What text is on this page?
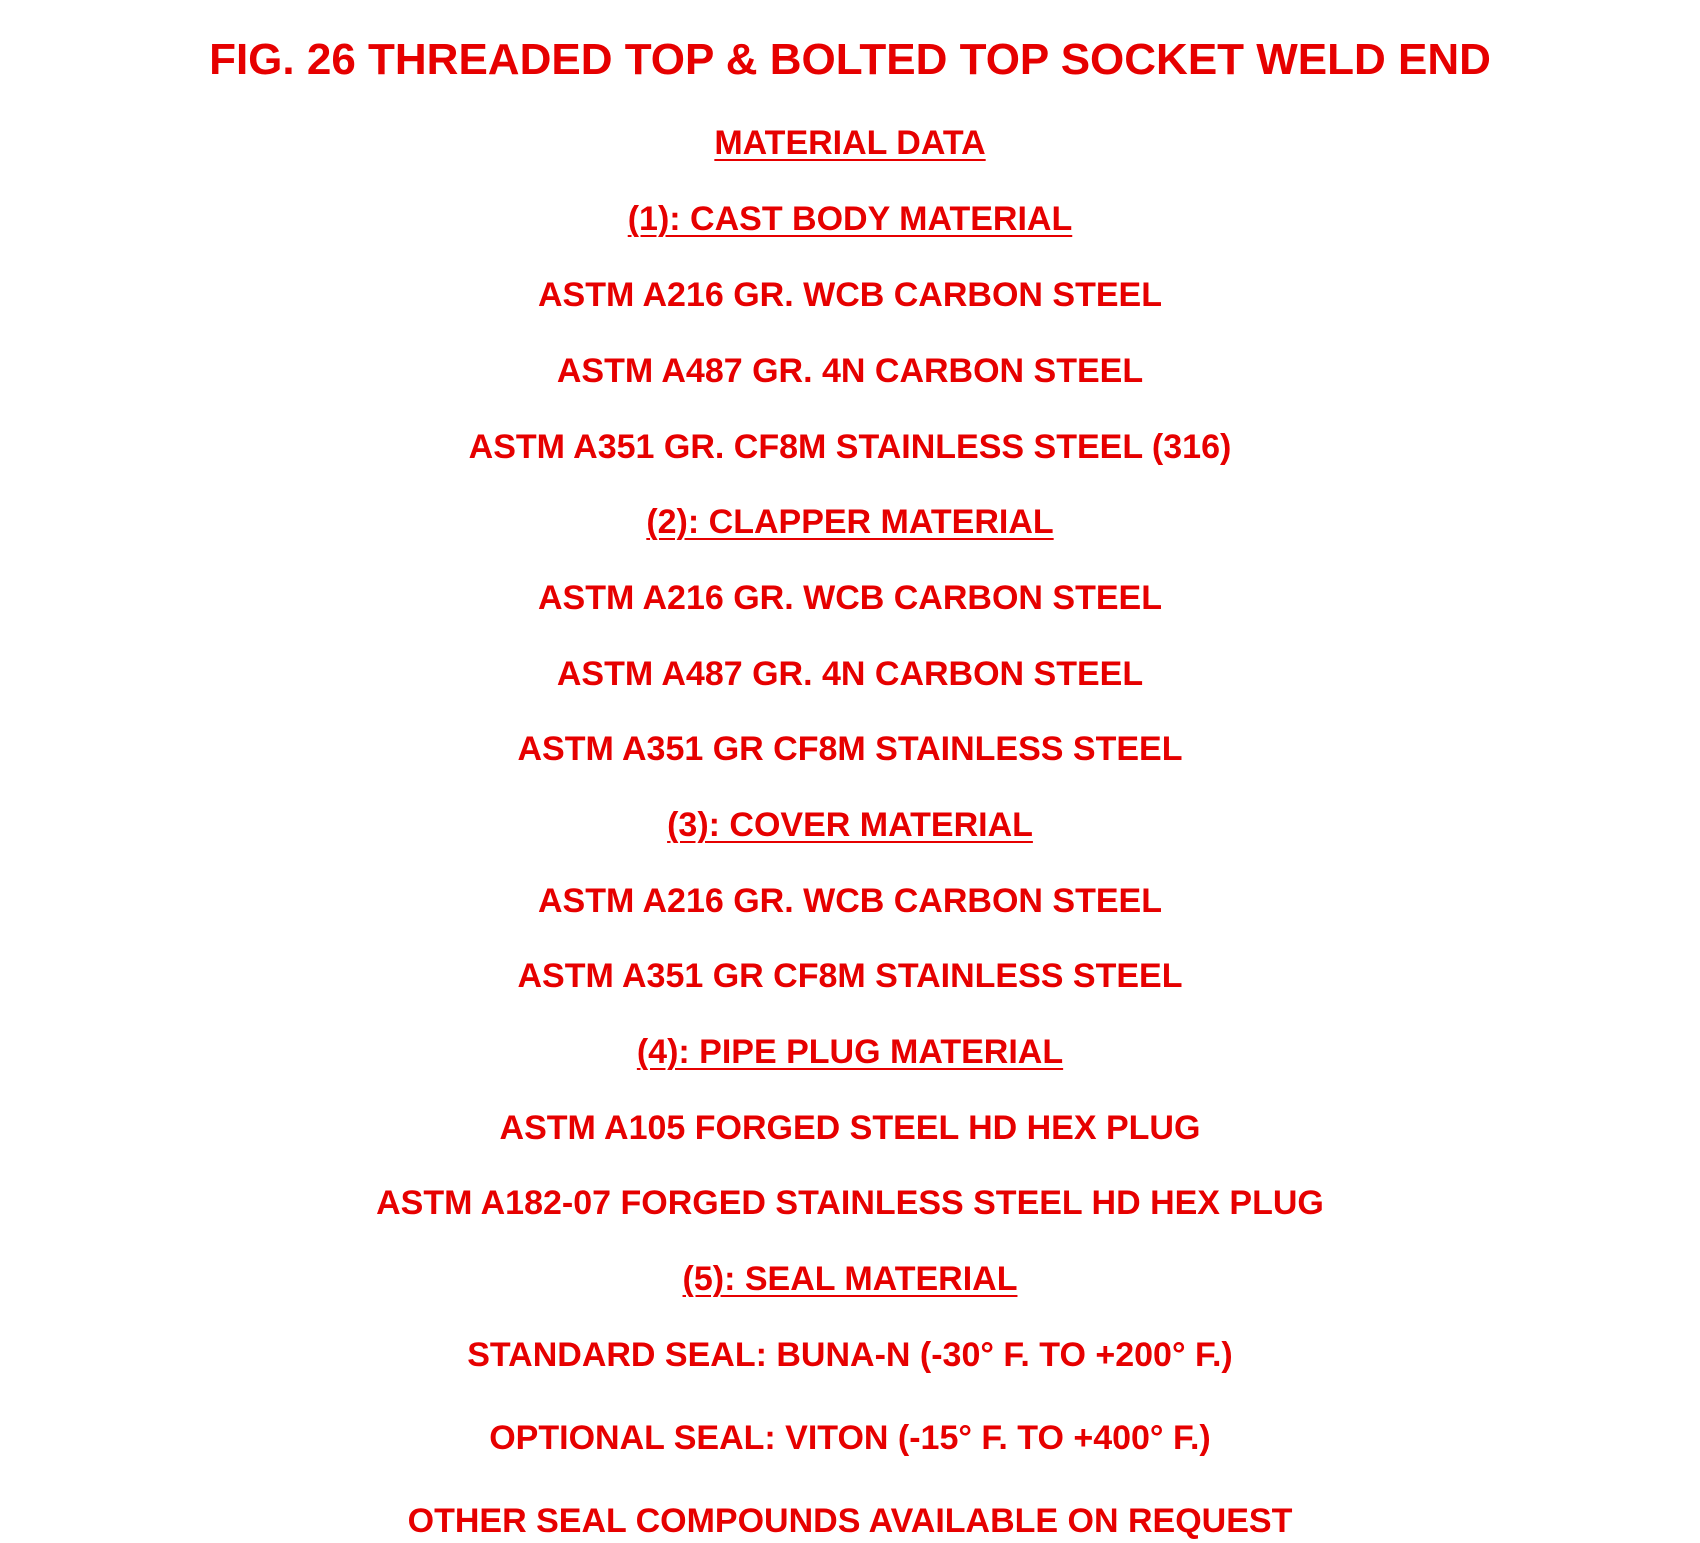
FIG. 26 THREADED TOP & BOLTED TOP SOCKET WELD END
MATERIAL DATA
(1): CAST BODY MATERIAL
ASTM A216 GR. WCB CARBON STEEL
ASTM A487 GR. 4N CARBON STEEL
ASTM A351 GR. CF8M STAINLESS STEEL (316)
(2): CLAPPER MATERIAL
ASTM A216 GR. WCB CARBON STEEL
ASTM A487 GR. 4N CARBON STEEL
ASTM A351 GR CF8M STAINLESS STEEL
(3): COVER MATERIAL
ASTM A216 GR. WCB CARBON STEEL
ASTM A351 GR CF8M STAINLESS STEEL
(4): PIPE PLUG MATERIAL
ASTM A105 FORGED STEEL HD HEX PLUG
ASTM A182-07 FORGED STAINLESS STEEL HD HEX PLUG
(5): SEAL MATERIAL
STANDARD SEAL: BUNA-N (-30° F. TO +200° F.)
OPTIONAL SEAL: VITON (-15° F. TO +400° F.)
OTHER SEAL COMPOUNDS AVAILABLE ON REQUEST
